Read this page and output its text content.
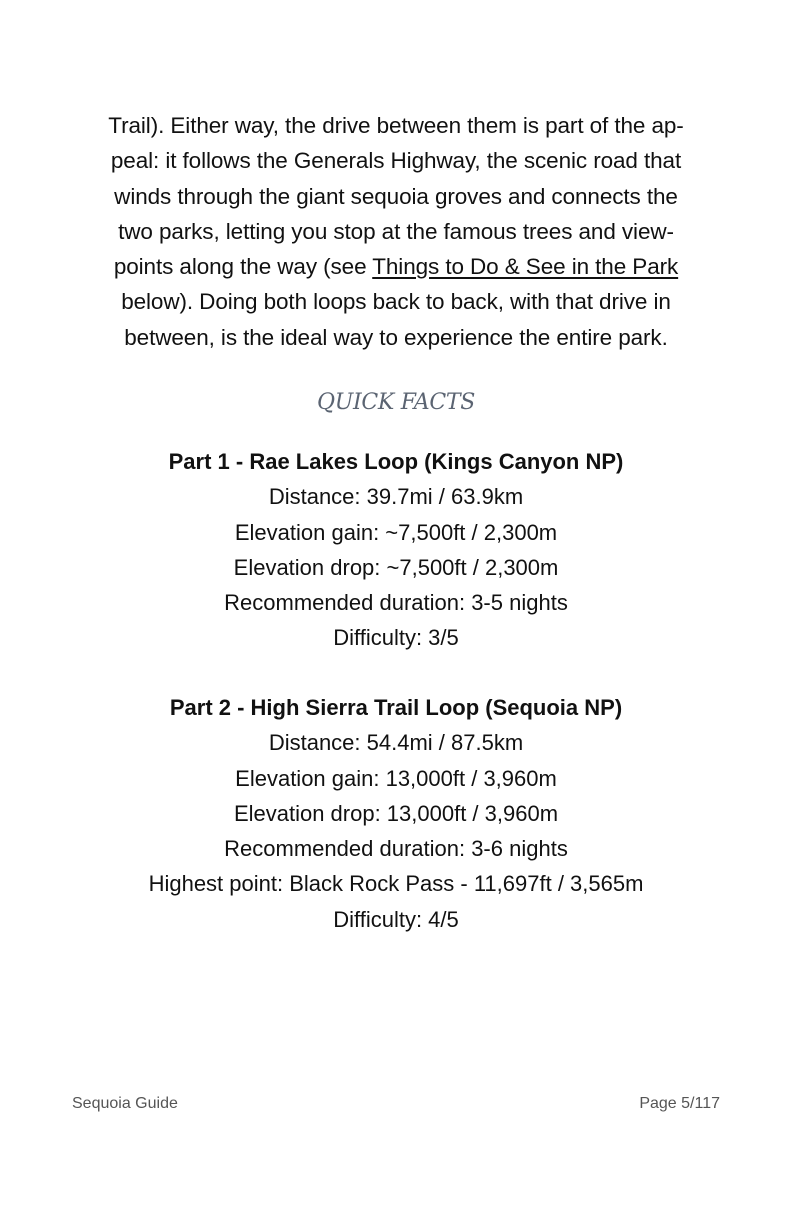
Trail). Either way, the drive between them is part of the ap-
peal: it follows the Generals Highway, the scenic road that
winds through the giant sequoia groves and connects the
two parks, letting you stop at the famous trees and view-
points along the way (see Things to Do & See in the Park
below). Doing both loops back to back, with that drive in
between, is the ideal way to experience the entire park.
QUICK FACTS
Part 1 - Rae Lakes Loop (Kings Canyon NP)
Distance: 39.7mi / 63.9km
Elevation gain: ~7,500ft / 2,300m
Elevation drop: ~7,500ft / 2,300m
Recommended duration: 3-5 nights
Difficulty: 3/5
Part 2 - High Sierra Trail Loop (Sequoia NP)
Distance: 54.4mi / 87.5km
Elevation gain: 13,000ft / 3,960m
Elevation drop: 13,000ft / 3,960m
Recommended duration: 3-6 nights
Highest point: Black Rock Pass - 11,697ft / 3,565m
Difficulty: 4/5
Sequoia Guide	Page 5/117
